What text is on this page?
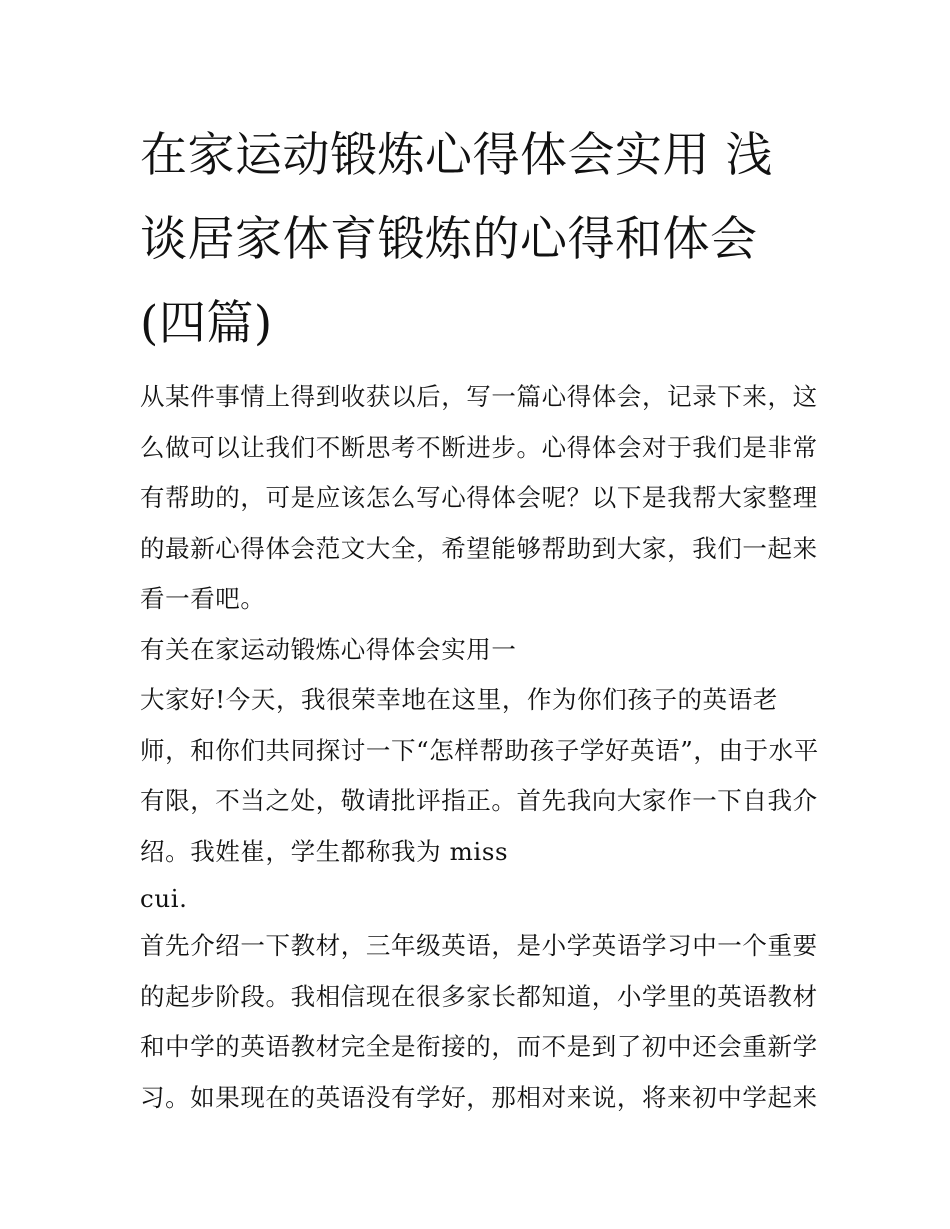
在家运动锻炼心得体会实用 浅
谈居家体育锻炼的心得和体会
(四篇)

从某件事情上得到收获以后，写一篇心得体会，记录下来，这
么做可以让我们不断思考不断进步。心得体会对于我们是非常
有帮助的，可是应该怎么写心得体会呢？以下是我帮大家整理
的最新心得体会范文大全，希望能够帮助到大家，我们一起来
看一看吧。

有关在家运动锻炼心得体会实用一

大家好!今天，我很荣幸地在这里，作为你们孩子的英语老
师，和你们共同探讨一下“怎样帮助孩子学好英语”，由于水平
有限，不当之处，敬请批评指正。首先我向大家作一下自我介
绍。我姓崔，学生都称我为 miss

cui.

首先介绍一下教材，三年级英语，是小学英语学习中一个重要
的起步阶段。我相信现在很多家长都知道，小学里的英语教材
和中学的英语教材完全是衔接的，而不是到了初中还会重新学
习。如果现在的英语没有学好，那相对来说，将来初中学起来
